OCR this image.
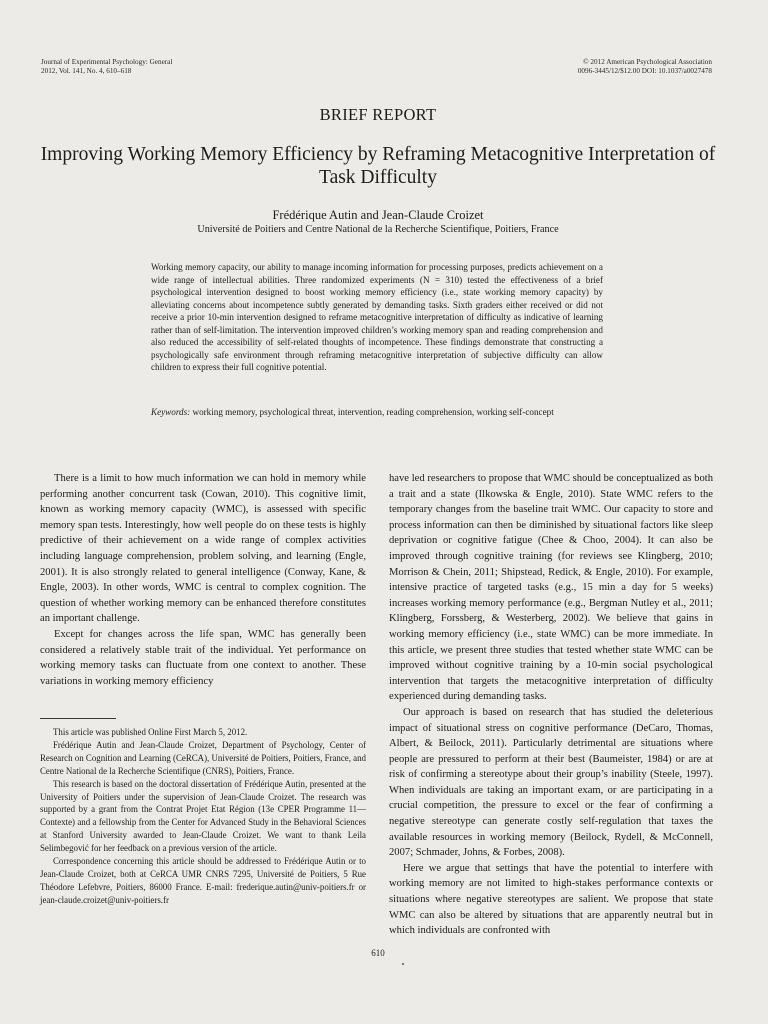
Journal of Experimental Psychology: General
2012, Vol. 141, No. 4, 610–618
© 2012 American Psychological Association
0096-3445/12/$12.00 DOI: 10.1037/a0027478
BRIEF REPORT
Improving Working Memory Efficiency by Reframing Metacognitive Interpretation of Task Difficulty
Frédérique Autin and Jean-Claude Croizet
Université de Poitiers and Centre National de la Recherche Scientifique, Poitiers, France
Working memory capacity, our ability to manage incoming information for processing purposes, predicts achievement on a wide range of intellectual abilities. Three randomized experiments (N = 310) tested the effectiveness of a brief psychological intervention designed to boost working memory efficiency (i.e., state working memory capacity) by alleviating concerns about incompetence subtly generated by demanding tasks. Sixth graders either received or did not receive a prior 10-min intervention designed to reframe metacognitive interpretation of difficulty as indicative of learning rather than of self-limitation. The intervention improved children’s working memory span and reading comprehension and also reduced the accessibility of self-related thoughts of incompetence. These findings demonstrate that constructing a psychologically safe environment through reframing metacognitive interpretation of subjective difficulty can allow children to express their full cognitive potential.
Keywords: working memory, psychological threat, intervention, reading comprehension, working self-concept

There is a limit to how much information we can hold in memory while performing another concurrent task (Cowan, 2010). This cognitive limit, known as working memory capacity (WMC), is assessed with specific memory span tests. Interestingly, how well people do on these tests is highly predictive of their achievement on a wide range of complex activities including language comprehension, problem solving, and learning (Engle, 2001). It is also strongly related to general intelligence (Conway, Kane, & Engle, 2003). In other words, WMC is central to complex cognition. The question of whether working memory can be enhanced therefore constitutes an important challenge.

Except for changes across the life span, WMC has generally been considered a relatively stable trait of the individual. Yet performance on working memory tasks can fluctuate from one context to another. These variations in working memory efficiency

have led researchers to propose that WMC should be conceptualized as both a trait and a state (Ilkowska & Engle, 2010). State WMC refers to the temporary changes from the baseline trait WMC. Our capacity to store and process information can then be diminished by situational factors like sleep deprivation or cognitive fatigue (Chee & Choo, 2004). It can also be improved through cognitive training (for reviews see Klingberg, 2010; Morrison & Chein, 2011; Shipstead, Redick, & Engle, 2010). For example, intensive practice of targeted tasks (e.g., 15 min a day for 5 weeks) increases working memory performance (e.g., Bergman Nutley et al., 2011; Klingberg, Forssberg, & Westerberg, 2002). We believe that gains in working memory efficiency (i.e., state WMC) can be more immediate. In this article, we present three studies that tested whether state WMC can be improved without cognitive training by a 10-min social psychological intervention that targets the metacognitive interpretation of difficulty experienced during demanding tasks.

Our approach is based on research that has studied the deleterious impact of situational stress on cognitive performance (DeCaro, Thomas, Albert, & Beilock, 2011). Particularly detrimental are situations where people are pressured to perform at their best (Baumeister, 1984) or are at risk of confirming a stereotype about their group’s inability (Steele, 1997). When individuals are taking an important exam, or are participating in a crucial competition, the pressure to excel or the fear of confirming a negative stereotype can generate costly self-regulation that taxes the available resources in working memory (Beilock, Rydell, & McConnell, 2007; Schmader, Johns, & Forbes, 2008).

Here we argue that settings that have the potential to interfere with working memory are not limited to high-stakes performance contexts or situations where negative stereotypes are salient. We propose that state WMC can also be altered by situations that are apparently neutral but in which individuals are confronted with

This article was published Online First March 5, 2012.

Frédérique Autin and Jean-Claude Croizet, Department of Psychology, Center of Research on Cognition and Learning (CeRCA), Université de Poitiers, Poitiers, France, and Centre National de la Recherche Scientifique (CNRS), Poitiers, France.

This research is based on the doctoral dissertation of Frédérique Autin, presented at the University of Poitiers under the supervision of Jean-Claude Croizet. The research was supported by a grant from the Contrat Projet Etat Région (13e CPER Programme 11—Contexte) and a fellowship from the Center for Advanced Study in the Behavioral Sciences at Stanford University awarded to Jean-Claude Croizet. We want to thank Leila Selimbegović for her feedback on a previous version of the article.

Correspondence concerning this article should be addressed to Frédérique Autin or to Jean-Claude Croizet, both at CeRCA UMR CNRS 7295, Université de Poitiers, 5 Rue Théodore Lefebvre, Poitiers, 86000 France. E-mail: frederique.autin@univ-poitiers.fr or jean-claude.croizet@univ-poitiers.fr

610
